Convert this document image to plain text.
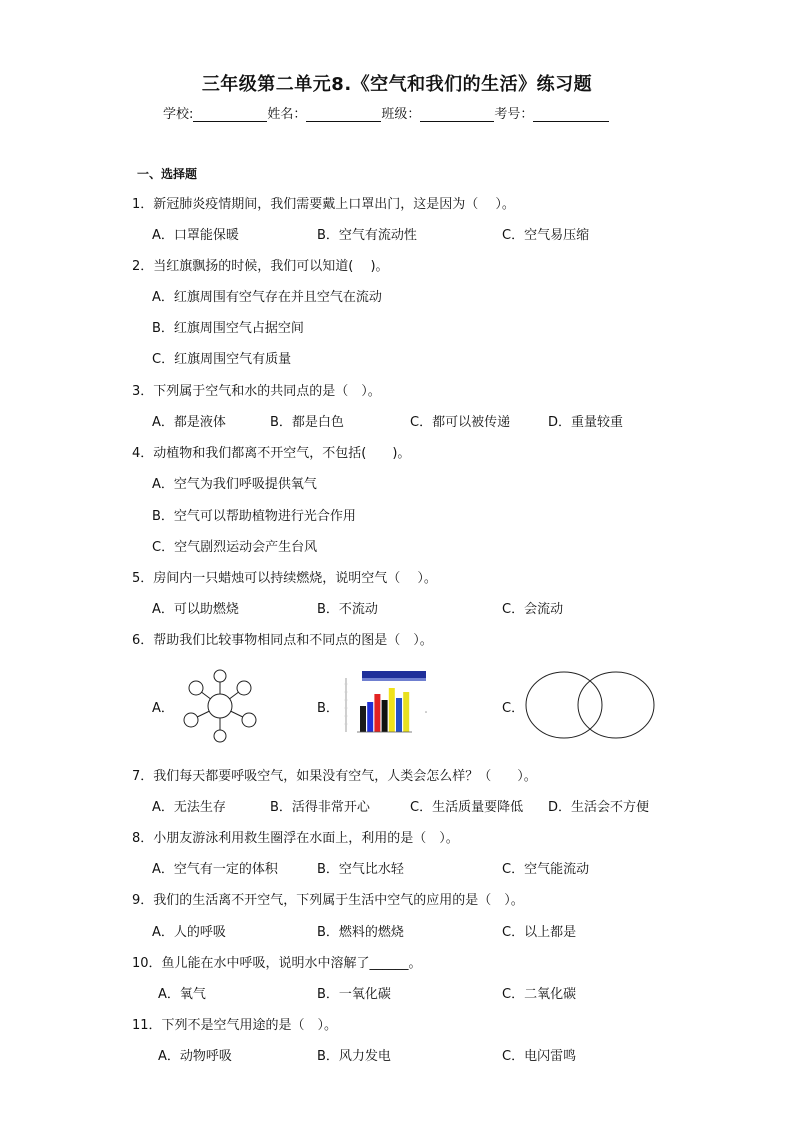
三年级第二单元8.《空气和我们的生活》练习题
学校:	姓名：	班级：	考号：
一、选择题
1．新冠肺炎疫情期间，我们需要戴上口罩出门，这是因为（　 ）。
A．口罩能保暖	B．空气有流动性	C．空气易压缩
2．当红旗飘扬的时候，我们可以知道(　 )。
A．红旗周围有空气存在并且空气在流动
B．红旗周围空气占据空间
C．红旗周围空气有质量
3．下列属于空气和水的共同点的是（　）。
A．都是液体	B．都是白色	C．都可以被传递	D．重量较重
4．动植物和我们都离不开空气，不包括(　　)。
A．空气为我们呼吸提供氧气
B．空气可以帮助植物进行光合作用
C．空气剧烈运动会产生台风
5．房间内一只蜡烛可以持续燃烧，说明空气（　 ）。
A．可以助燃烧	B．不流动	C．会流动
6．帮助我们比较事物相同点和不同点的图是（　）。
A．	B．	C．
7．我们每天都要呼吸空气，如果没有空气，人类会怎么样？（　　）。
A．无法生存	B．活得非常开心	C．生活质量要降低 D．生活会不方便
8．小朋友游泳利用救生圈浮在水面上，利用的是（　）。
A．空气有一定的体积	B．空气比水轻	C．空气能流动
9．我们的生活离不开空气，下列属于生活中空气的应用的是（　）。
A．人的呼吸	B．燃料的燃烧	C．以上都是
10．鱼儿能在水中呼吸，说明水中溶解了______。
A．氧气	B．一氧化碳	C．二氧化碳
11．下列不是空气用途的是（　）。
A．动物呼吸	B．风力发电	C．电闪雷鸣
